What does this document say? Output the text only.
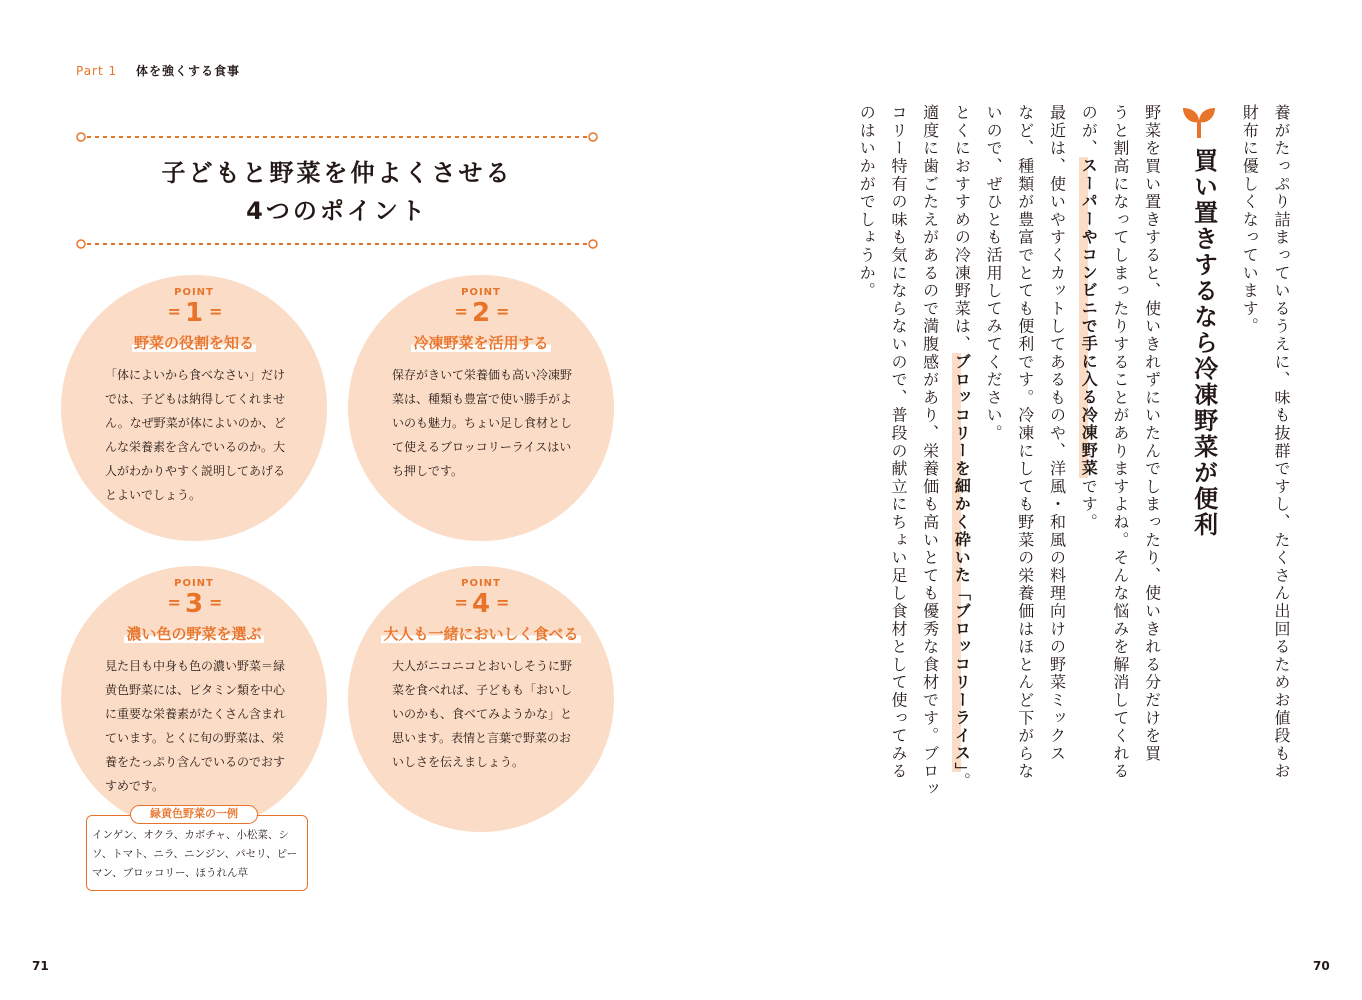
Part 1 体を強くする食事
子どもと野菜を仲よくさせる
4つのポイント
POINT
= 1 =
野菜の役割を知る
「体によいから食べなさい」だけでは、子どもは納得してくれません。なぜ野菜が体によいのか、どんな栄養素を含んでいるのか。大人がわかりやすく説明してあげるとよいでしょう。
POINT
= 2 =
冷凍野菜を活用する
保存がきいて栄養価も高い冷凍野菜は、種類も豊富で使い勝手がよいのも魅力。ちょい足し食材として使えるブロッコリーライスはいち押しです。
POINT
= 3 =
濃い色の野菜を選ぶ
見た目も中身も色の濃い野菜＝緑黄色野菜には、ビタミン類を中心に重要な栄養素がたくさん含まれています。とくに旬の野菜は、栄養をたっぷり含んでいるのでおすすめです。
POINT
= 4 =
大人も一緒においしく食べる
大人がニコニコとおいしそうに野菜を食べれば、子どもも「おいしいのかも、食べてみようかな」と思います。表情と言葉で野菜のおいしさを伝えましょう。
インゲン、オクラ、カボチャ、小松菜、シソ、トマト、ニラ、ニンジン、パセリ、ピーマン、ブロッコリー、ほうれん草
緑黄色野菜の一例
71	70

養がたっぷり詰まっているうえに、味も抜群ですし、たくさん出回るためお値段もお

財布に優しくなっています。

買い置きするなら冷凍野菜が便利

野菜を買い置きすると、使いきれずにいたんでしまったり、使いきれる分だけを買

うと割高になってしまったりすることがありますよね。そんな悩みを解消してくれる

のが、スーパーやコンビニで手に入る冷凍野菜です。

最近は、使いやすくカットしてあるものや、洋風・和風の料理向けの野菜ミックス

など、種類が豊富でとても便利です。冷凍にしても野菜の栄養価はほとんど下がらな

いので、ぜひとも活用してみてください。

とくにおすすめの冷凍野菜は、ブロッコリーを細かく砕いた「ブロッコリーライス」。

適度に歯ごたえがあるので満腹感があり、栄養価も高いとても優秀な食材です。ブロッ

コリー特有の味も気にならないので、普段の献立にちょい足し食材として使ってみる

のはいかがでしょうか。
